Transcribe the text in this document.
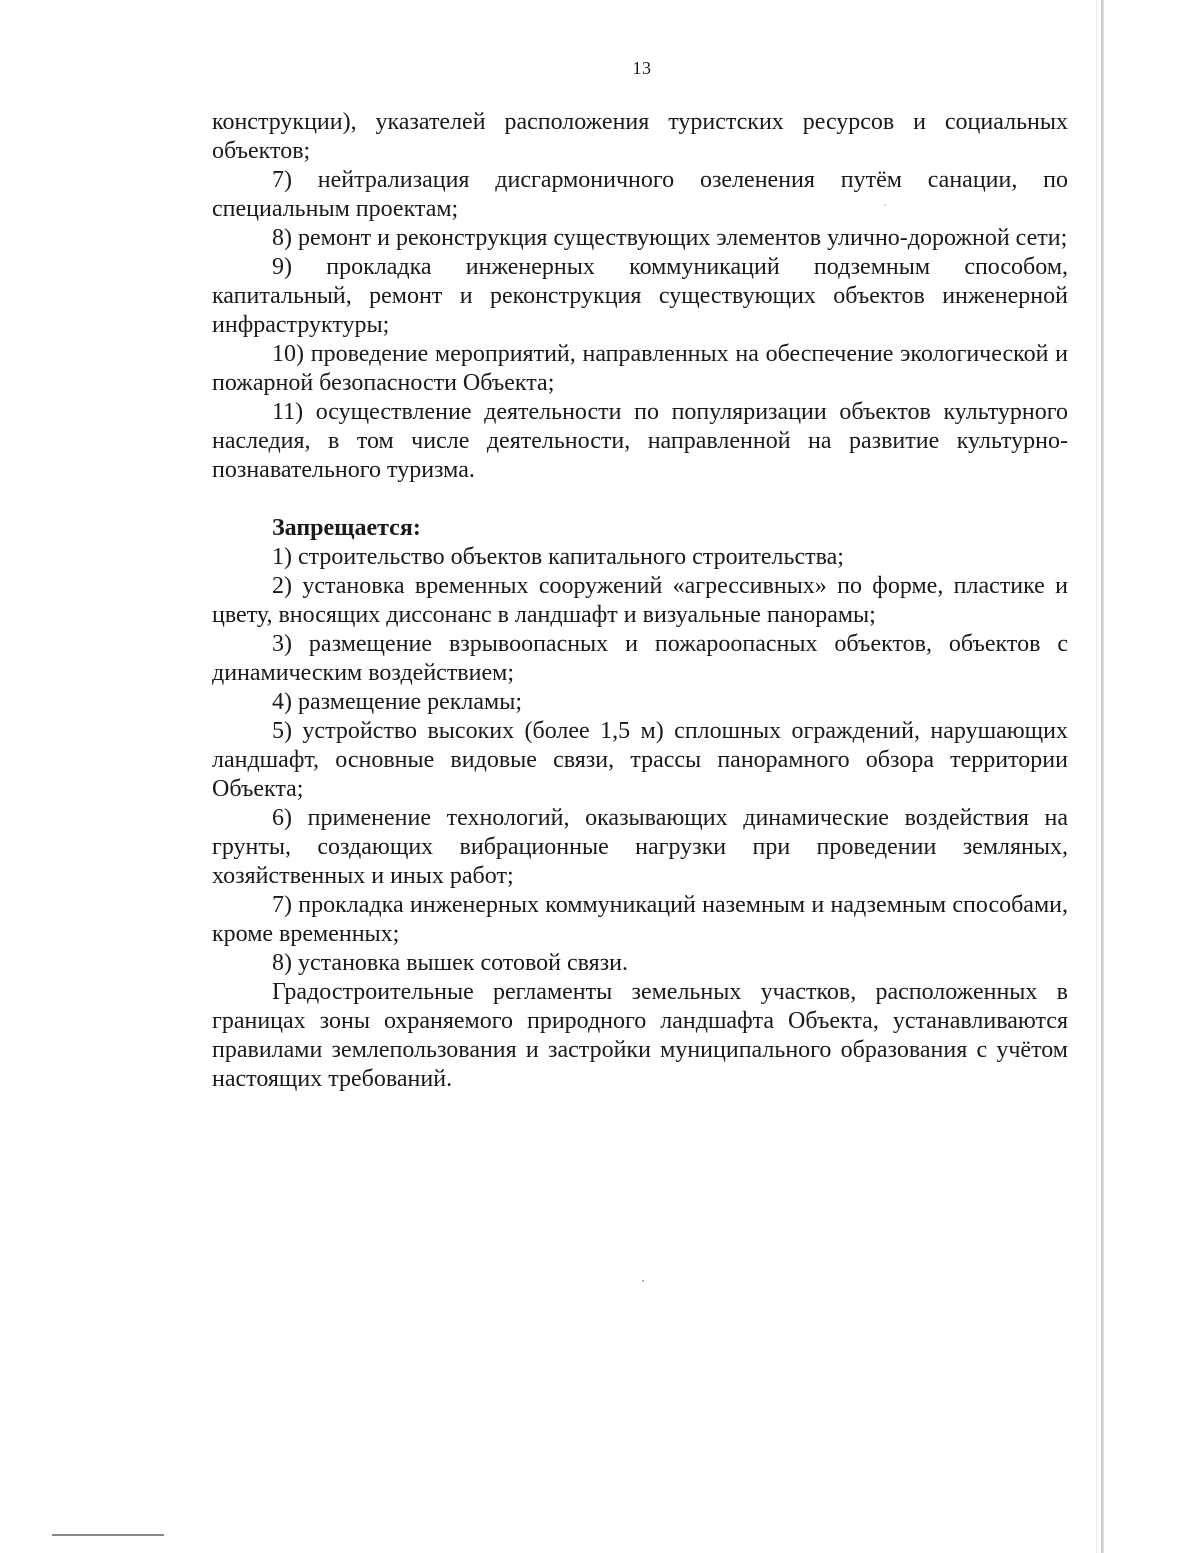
13

конструкции), указателей расположения туристских ресурсов и социальных объектов;

7) нейтрализация дисгармоничного озеленения путём санации, по специальным проектам;

8) ремонт и реконструкция существующих элементов улично-дорожной сети;

9) прокладка инженерных коммуникаций подземным способом, капитальный, ремонт и реконструкция существующих объектов инженерной инфраструктуры;

10) проведение мероприятий, направленных на обеспечение экологической и пожарной безопасности Объекта;

11) осуществление деятельности по популяризации объектов культурного наследия, в том числе деятельности, направленной на развитие культурно-познавательного туризма.

Запрещается:

1) строительство объектов капитального строительства;

2) установка временных сооружений «агрессивных» по форме, пластике и цвету, вносящих диссонанс в ландшафт и визуальные панорамы;

3) размещение взрывоопасных и пожароопасных объектов, объектов с динамическим воздействием;

4) размещение рекламы;

5) устройство высоких (более 1,5 м) сплошных ограждений, нарушающих ландшафт, основные видовые связи, трассы панорамного обзора территории Объекта;

6) применение технологий, оказывающих динамические воздействия на грунты, создающих вибрационные нагрузки при проведении земляных, хозяйственных и иных работ;

7) прокладка инженерных коммуникаций наземным и надземным способами, кроме временных;

8) установка вышек сотовой связи.

Градостроительные регламенты земельных участков, расположенных в границах зоны охраняемого природного ландшафта Объекта, устанавливаются правилами землепользования и застройки муниципального образования с учётом настоящих требований.
